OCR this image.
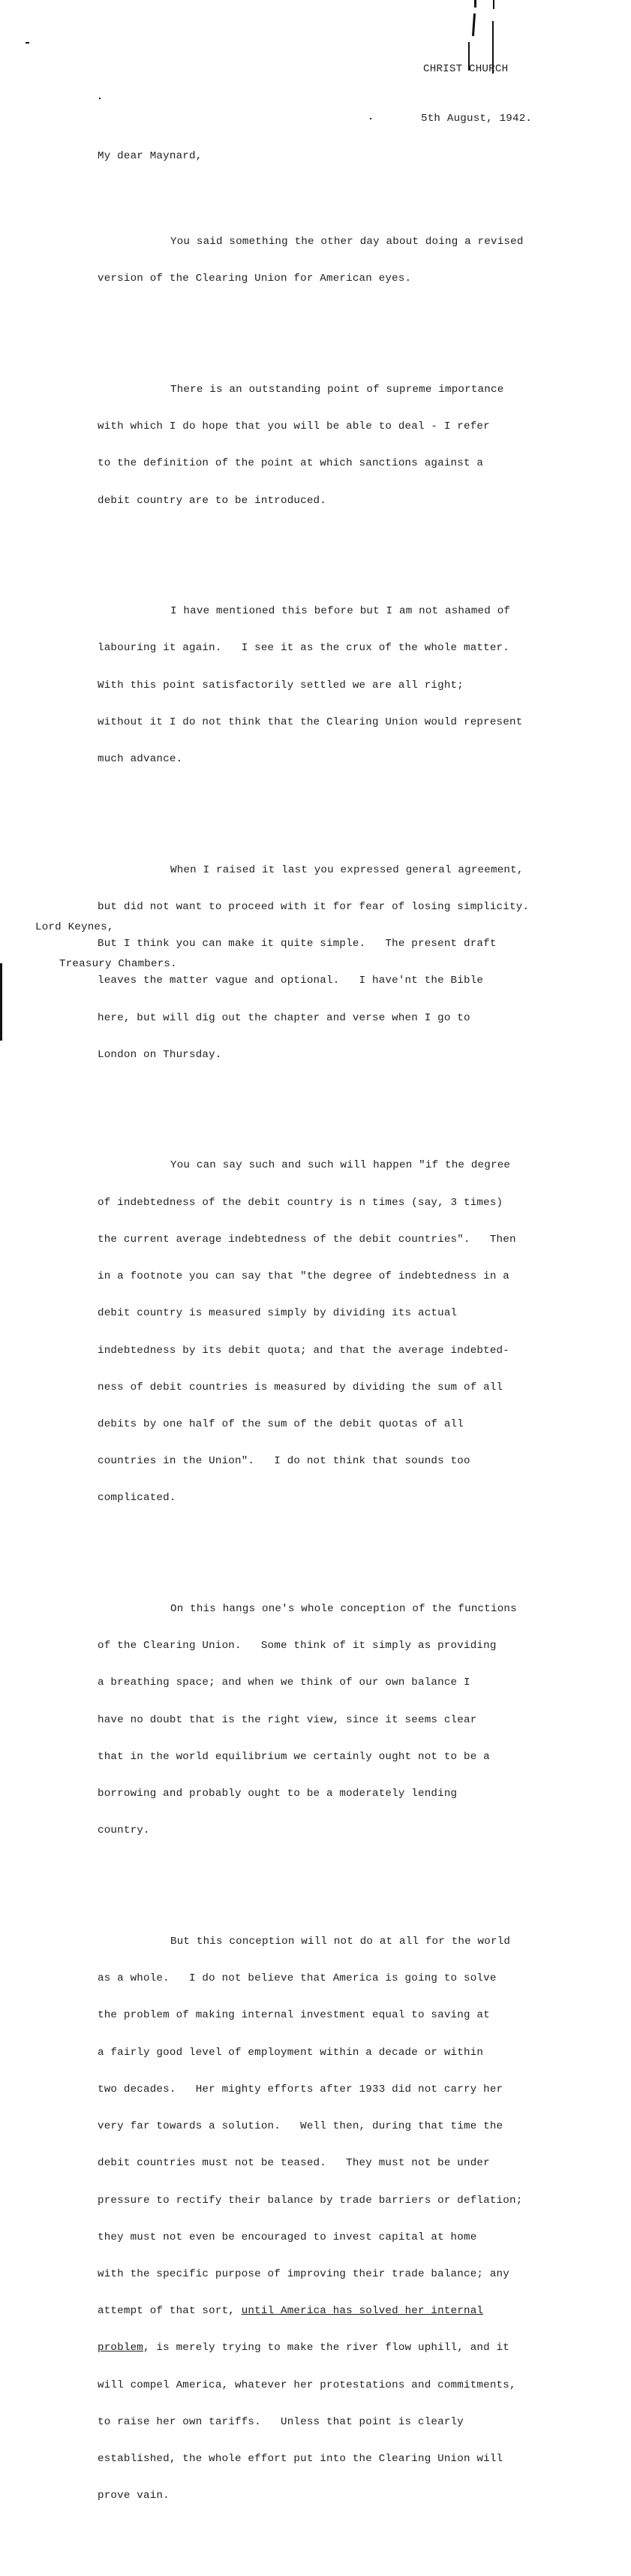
CHRIST CHURCH
5th August, 1942.
My dear Maynard,

You said something the other day about doing a revised

version of the Clearing Union for American eyes.

There is an outstanding point of supreme importance

with which I do hope that you will be able to deal - I refer

to the definition of the point at which sanctions against a

debit country are to be introduced.

I have mentioned this before but I am not ashamed of

labouring it again.   I see it as the crux of the whole matter.

With this point satisfactorily settled we are all right;

without it I do not think that the Clearing Union would represent

much advance.

When I raised it last you expressed general agreement,

but did not want to proceed with it for fear of losing simplicity.

But I think you can make it quite simple.   The present draft

leaves the matter vague and optional.   I have'nt the Bible

here, but will dig out the chapter and verse when I go to

London on Thursday.

You can say such and such will happen "if the degree

of indebtedness of the debit country is n times (say, 3 times)

the current average indebtedness of the debit countries".   Then

in a footnote you can say that "the degree of indebtedness in a

debit country is measured simply by dividing its actual

indebtedness by its debit quota; and that the average indebted-

ness of debit countries is measured by dividing the sum of all

debits by one half of the sum of the debit quotas of all

countries in the Union".   I do not think that sounds too

complicated.

On this hangs one's whole conception of the functions

of the Clearing Union.   Some think of it simply as providing

a breathing space; and when we think of our own balance I

have no doubt that is the right view, since it seems clear

that in the world equilibrium we certainly ought not to be a

borrowing and probably ought to be a moderately lending

country.

But this conception will not do at all for the world

as a whole.   I do not believe that America is going to solve

the problem of making internal investment equal to saving at

a fairly good level of employment within a decade or within

two decades.   Her mighty efforts after 1933 did not carry her

very far towards a solution.   Well then, during that time the

debit countries must not be teased.   They must not be under

pressure to rectify their balance by trade barriers or deflation;

they must not even be encouraged to invest capital at home

with the specific purpose of improving their trade balance; any

attempt of that sort, until America has solved her internal

problem, is merely trying to make the river flow uphill, and it

will compel America, whatever her protestations and commitments,

to raise her own tariffs.   Unless that point is clearly

established, the whole effort put into the Clearing Union will

prove vain.

Lord Keynes,

Treasury Chambers.
